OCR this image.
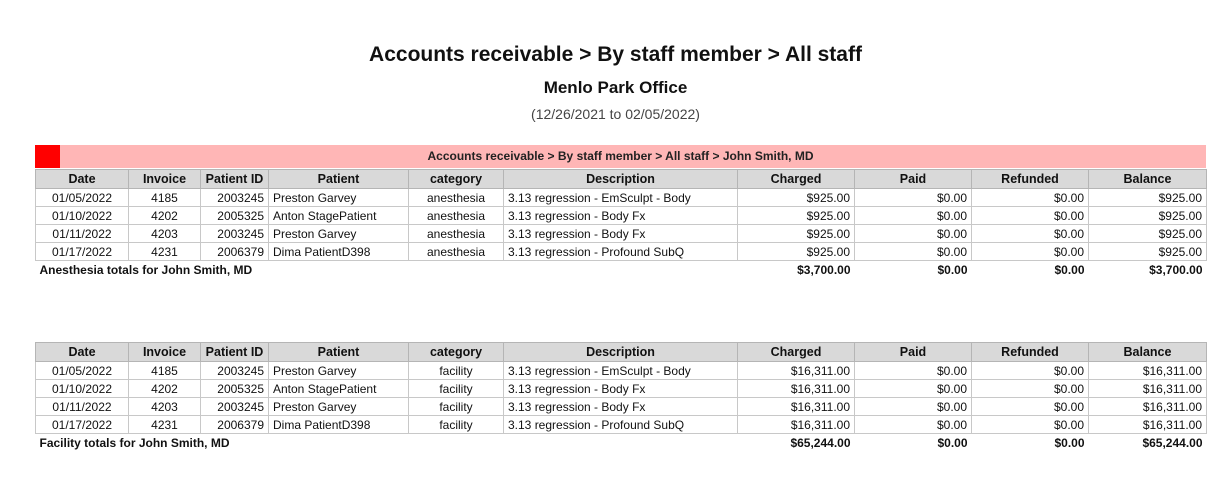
Accounts receivable > By staff member > All staff
Menlo Park Office
(12/26/2021 to 02/05/2022)
Accounts receivable > By staff member > All staff > John Smith, MD
Date	Invoice	Patient ID	Patient	category	Description	Charged	Paid	Refunded	Balance
01/05/2022	4185	2003245	Preston Garvey	anesthesia	3.13 regression - EmSculpt - Body	$925.00	$0.00	$0.00	$925.00
01/10/2022	4202	2005325	Anton StagePatient	anesthesia	3.13 regression - Body Fx	$925.00	$0.00	$0.00	$925.00
01/11/2022	4203	2003245	Preston Garvey	anesthesia	3.13 regression - Body Fx	$925.00	$0.00	$0.00	$925.00
01/17/2022	4231	2006379	Dima PatientD398	anesthesia	3.13 regression - Profound SubQ	$925.00	$0.00	$0.00	$925.00
Anesthesia totals for John Smith, MD						$3,700.00	$0.00	$0.00	$3,700.00
Date	Invoice	Patient ID	Patient	category	Description	Charged	Paid	Refunded	Balance
01/05/2022	4185	2003245	Preston Garvey	facility	3.13 regression - EmSculpt - Body	$16,311.00	$0.00	$0.00	$16,311.00
01/10/2022	4202	2005325	Anton StagePatient	facility	3.13 regression - Body Fx	$16,311.00	$0.00	$0.00	$16,311.00
01/11/2022	4203	2003245	Preston Garvey	facility	3.13 regression - Body Fx	$16,311.00	$0.00	$0.00	$16,311.00
01/17/2022	4231	2006379	Dima PatientD398	facility	3.13 regression - Profound SubQ	$16,311.00	$0.00	$0.00	$16,311.00
Facility totals for John Smith, MD						$65,244.00	$0.00	$0.00	$65,244.00
